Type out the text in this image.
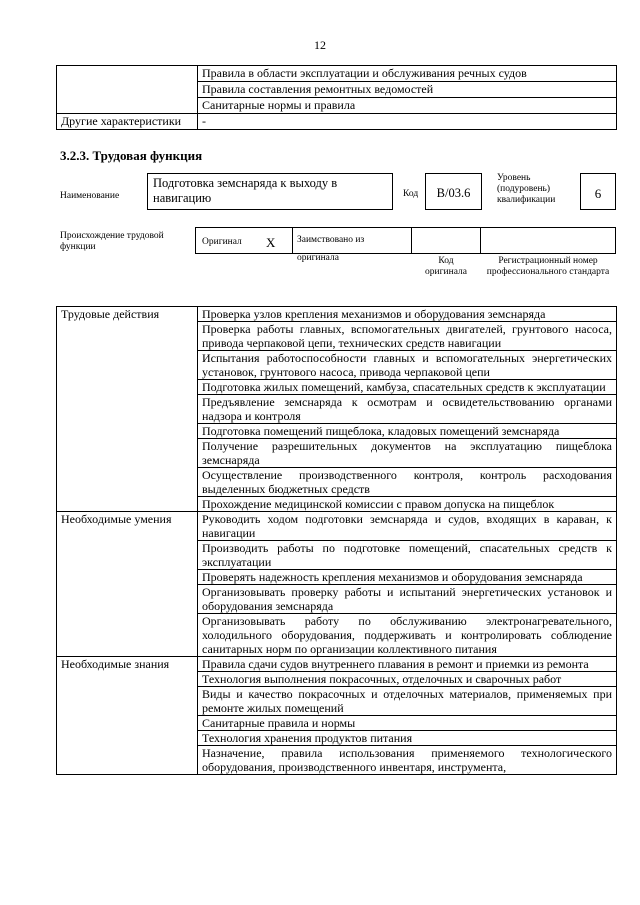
12
	Правила в области эксплуатации и обслуживания речных судов
	Правила составления ремонтных ведомостей
	Санитарные нормы и правила
Другие характеристики	-
3.2.3. Трудовая функция
Наименование
Подготовка земснаряда к выходу в навигацию	Код	B/03.6
Уровень (подуровень) квалификации	6
Происхождение трудовой функции	Оригинал X	Заимствовано из оригинала	Код оригинала
Регистрационный номер профессионального стандарта
Трудовые действия	Проверка узлов крепления механизмов и оборудования земснаряда
	Проверка работы главных, вспомогательных двигателей, грунтового насоса, привода черпаковой цепи, технических средств навигации
	Испытания работоспособности главных и вспомогательных энергетических установок, грунтового насоса, привода черпаковой цепи
	Подготовка жилых помещений, камбуза, спасательных средств к эксплуатации
	Предъявление земснаряда к осмотрам и освидетельствованию органами надзора и контроля
	Подготовка помещений пищеблока, кладовых помещений земснаряда
	Получение разрешительных документов на эксплуатацию пищеблока земснаряда
	Осуществление производственного контроля, контроль расходования выделенных бюджетных средств
	Прохождение медицинской комиссии с правом допуска на пищеблок
Необходимые умения	Руководить ходом подготовки земснаряда и судов, входящих в караван, к навигации
	Производить работы по подготовке помещений, спасательных средств к эксплуатации
	Проверять надежность крепления механизмов и оборудования земснаряда
	Организовывать проверку работы и испытаний энергетических установок и оборудования земснаряда
	Организовывать работу по обслуживанию электронагревательного, холодильного оборудования, поддерживать и контролировать соблюдение санитарных норм по организации коллективного питания
Необходимые знания	Правила сдачи судов внутреннего плавания в ремонт и приемки из ремонта
	Технология выполнения покрасочных, отделочных и сварочных работ
	Виды и качество покрасочных и отделочных материалов, применяемых при ремонте жилых помещений
	Санитарные правила и нормы
	Технология хранения продуктов питания
	Назначение, правила использования применяемого технологического оборудования, производственного инвентаря, инструмента,
